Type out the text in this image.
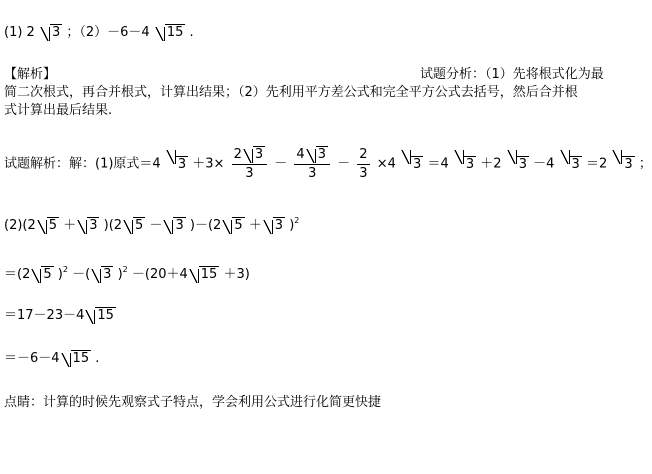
(1) 2 3 ；（2）－6－4 15 .
【解析】	试题分析：（1）先将根式化为最
简二次根式，再合并根式，计算出结果；（2）先利用平方差公式和完全平方公式去括号，然后合并根
式计算出最后结果.
试题解析：解：(1)原式＝4 $3 +3\times \frac{2 3}{3} - \frac{4 3}{3} - \frac{2}{3} \times 4$ 3 ＝4 3 ＋2 3 －4 3 ＝2 3 ；
(2)(2 5 ＋ 3 )(2 5 － 3 )－(2 5 ＋ 3 )$^2$
＝(2 5 )$^2$ －( 3 )$^2$ －(20＋4 15 ＋3)
＝17－23－4 15
＝－6－4 15 .
点睛：计算的时候先观察式子特点，学会利用公式进行化简更快捷
